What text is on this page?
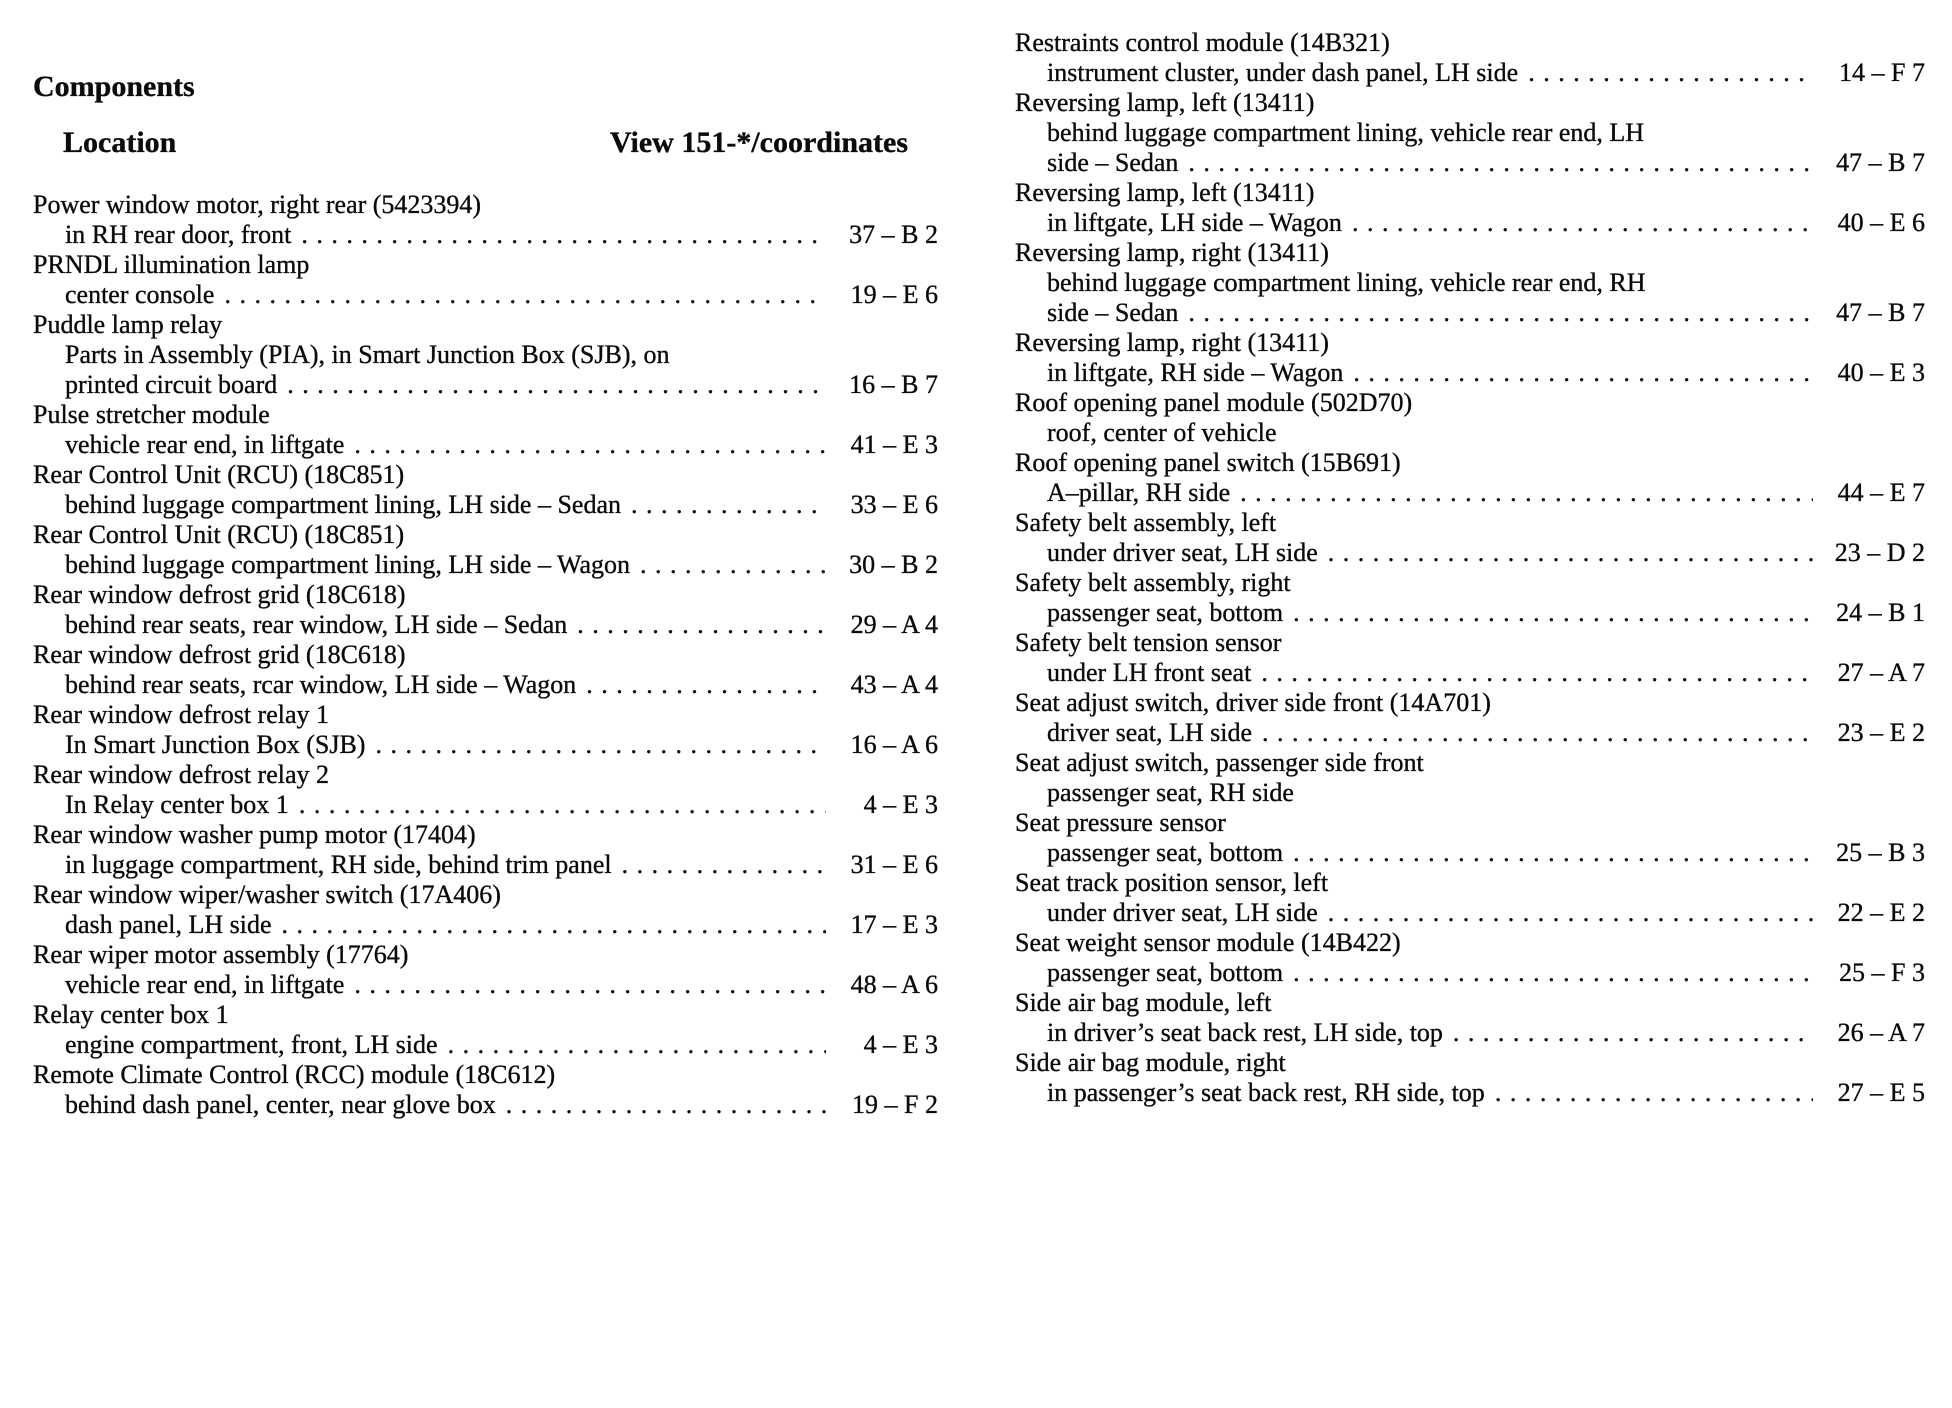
Components
Location	View 151-*/coordinates
Power window motor, right rear (5423394)
in RH rear door, front . . .	37 – B 2
PRNDL illumination lamp
center console . . .	19 – E 6
Puddle lamp relay
Parts in Assembly (PIA), in Smart Junction Box (SJB), on
printed circuit board . . .	16 – B 7
Pulse stretcher module
vehicle rear end, in liftgate . . .	41 – E 3
Rear Control Unit (RCU) (18C851)
behind luggage compartment lining, LH side – Sedan . . .	33 – E 6
Rear Control Unit (RCU) (18C851)
behind luggage compartment lining, LH side – Wagon . . .	30 – B 2
Rear window defrost grid (18C618)
behind rear seats, rear window, LH side – Sedan . . .	29 – A 4
Rear window defrost grid (18C618)
behind rear seats, rcar window, LH side – Wagon . . .	43 – A 4
Rear window defrost relay 1
In Smart Junction Box (SJB) . . .	16 – A 6
Rear window defrost relay 2
In Relay center box 1 . . .	4 – E 3
Rear window washer pump motor (17404)
in luggage compartment, RH side, behind trim panel . . .	31 – E 6
Rear window wiper/washer switch (17A406)
dash panel, LH side . . .	17 – E 3
Rear wiper motor assembly (17764)
vehicle rear end, in liftgate . . .	48 – A 6
Relay center box 1
engine compartment, front, LH side . . .	4 – E 3
Remote Climate Control (RCC) module (18C612)
behind dash panel, center, near glove box . . .	19 – F 2
Restraints control module (14B321)
instrument cluster, under dash panel, LH side . . .	14 – F 7
Reversing lamp, left (13411)
behind luggage compartment lining, vehicle rear end, LH
side – Sedan . . .	47 – B 7
Reversing lamp, left (13411)
in liftgate, LH side – Wagon . . .	40 – E 6
Reversing lamp, right (13411)
behind luggage compartment lining, vehicle rear end, RH
side – Sedan . . .	47 – B 7
Reversing lamp, right (13411)
in liftgate, RH side – Wagon . . .	40 – E 3
Roof opening panel module (502D70)
roof, center of vehicle
Roof opening panel switch (15B691)
A–pillar, RH side . . .	44 – E 7
Safety belt assembly, left
under driver seat, LH side . . .	23 – D 2
Safety belt assembly, right
passenger seat, bottom . . .	24 – B 1
Safety belt tension sensor
under LH front seat . . .	27 – A 7
Seat adjust switch, driver side front (14A701)
driver seat, LH side . . .	23 – E 2
Seat adjust switch, passenger side front
passenger seat, RH side
Seat pressure sensor
passenger seat, bottom . . .	25 – B 3
Seat track position sensor, left
under driver seat, LH side . . .	22 – E 2
Seat weight sensor module (14B422)
passenger seat, bottom . . .	25 – F 3
Side air bag module, left
in driver’s seat back rest, LH side, top . . .	26 – A 7
Side air bag module, right
in passenger’s seat back rest, RH side, top . . .	27 – E 5
